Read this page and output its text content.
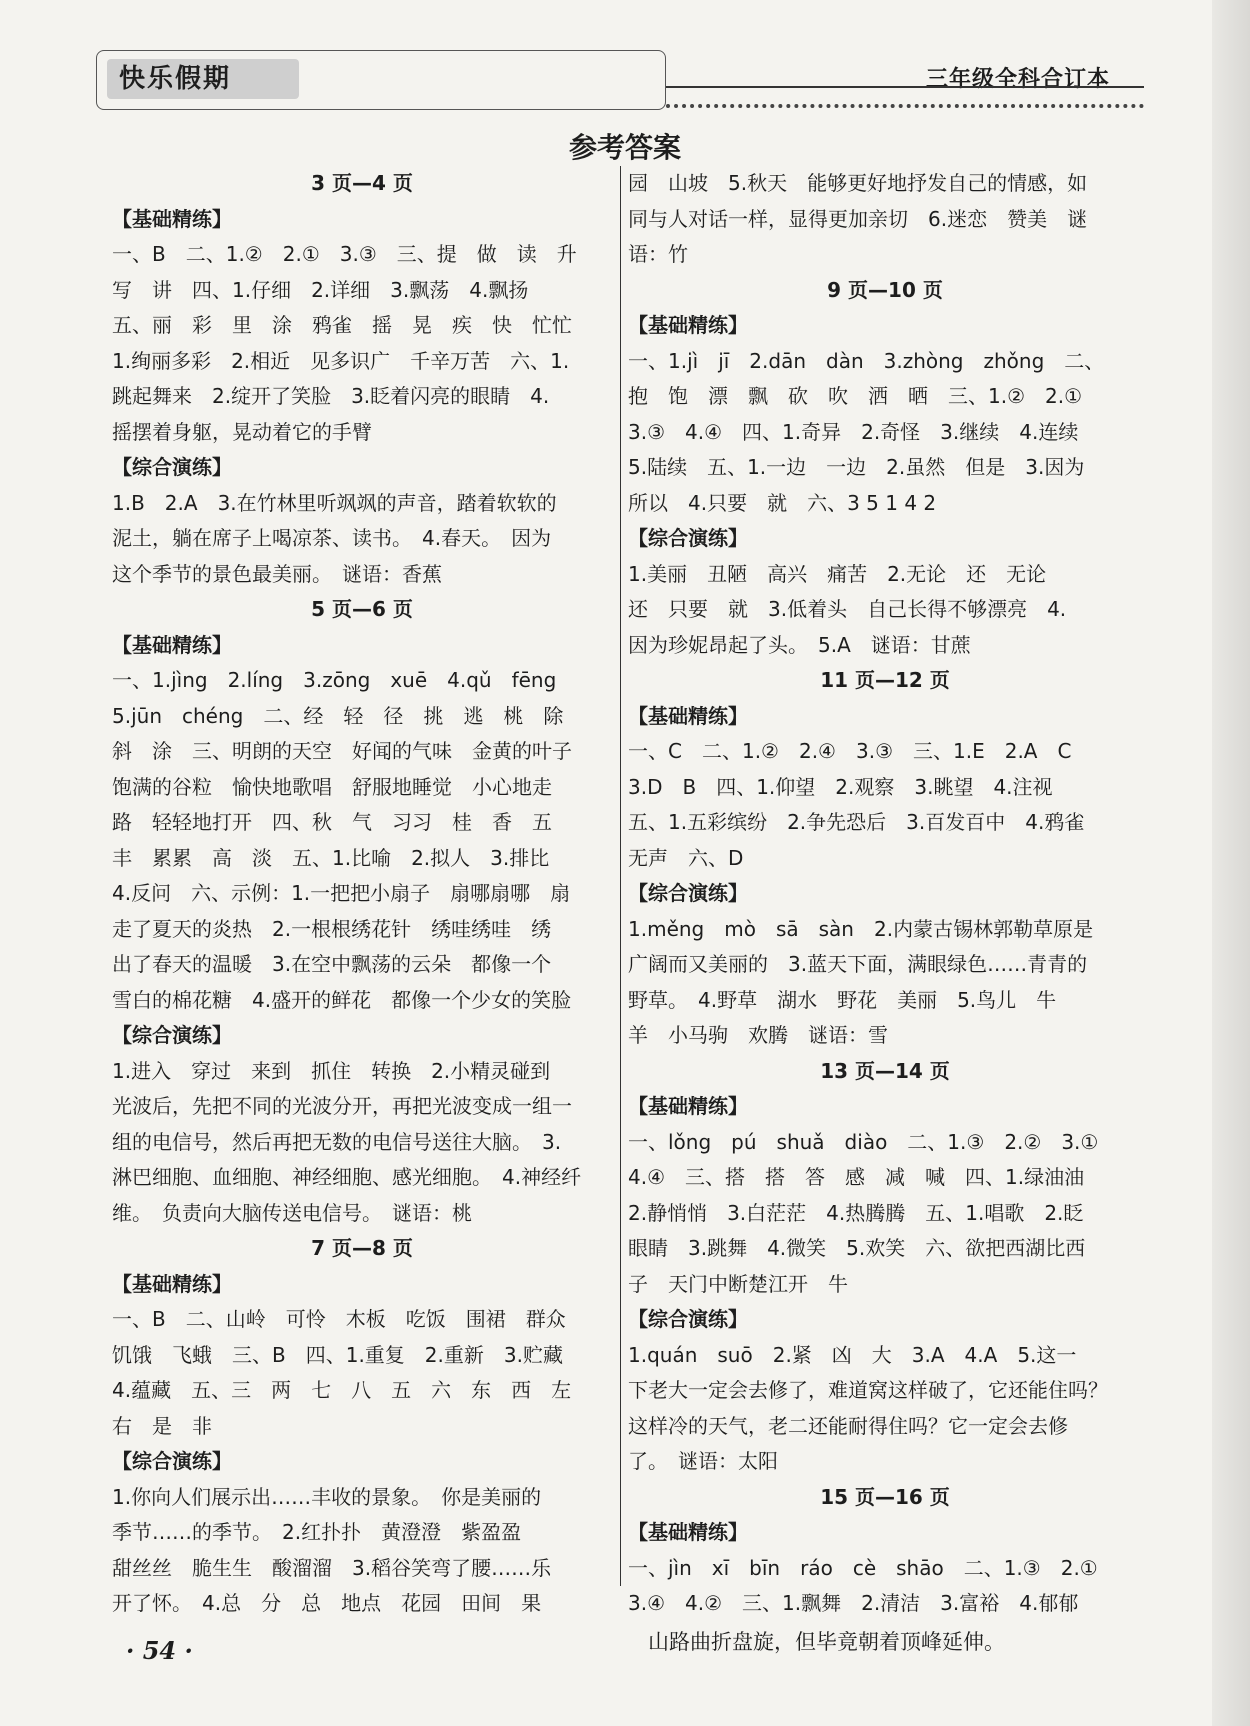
快乐假期	三年级全科合订本
参考答案
3 页—4 页
【基础精练】
一、B　二、1.②　2.①　3.③　三、提　做　读　升
写　讲　四、1.仔细　2.详细　3.飘荡　4.飘扬
五、丽　彩　里　涂　鸦雀　摇　晃　疾　快　忙忙
1.绚丽多彩　2.相近　见多识广　千辛万苦　六、1.
跳起舞来　2.绽开了笑脸　3.眨着闪亮的眼睛　4.
摇摆着身躯，晃动着它的手臂
【综合演练】
1.B　2.A　3.在竹林里听飒飒的声音，踏着软软的
泥土，躺在席子上喝凉茶、读书。　4.春天。　因为
这个季节的景色最美丽。　谜语：香蕉
5 页—6 页
【基础精练】
一、1.jìng　2.líng　3.zōng　xuē　4.qǔ　fēng
5.jūn　chéng　二、经　轻　径　挑　逃　桃　除
斜　涂　三、明朗的天空　好闻的气味　金黄的叶子
饱满的谷粒　愉快地歌唱　舒服地睡觉　小心地走
路　轻轻地打开　四、秋　气　习习　桂　香　五
丰　累累　高　淡　五、1.比喻　2.拟人　3.排比
4.反问　六、示例：1.一把把小扇子　扇哪扇哪　扇
走了夏天的炎热　2.一根根绣花针　绣哇绣哇　绣
出了春天的温暖　3.在空中飘荡的云朵　都像一个
雪白的棉花糖　4.盛开的鲜花　都像一个少女的笑脸
【综合演练】
1.进入　穿过　来到　抓住　转换　2.小精灵碰到
光波后，先把不同的光波分开，再把光波变成一组一
组的电信号，然后再把无数的电信号送往大脑。　3.
淋巴细胞、血细胞、神经细胞、感光细胞。　4.神经纤
维。　负责向大脑传送电信号。　谜语：桃
7 页—8 页
【基础精练】
一、B　二、山岭　可怜　木板　吃饭　围裙　群众
饥饿　飞蛾　三、B　四、1.重复　2.重新　3.贮藏
4.蕴藏　五、三　两　七　八　五　六　东　西　左
右　是　非
【综合演练】
1.你向人们展示出……丰收的景象。　你是美丽的
季节……的季节。　2.红扑扑　黄澄澄　紫盈盈
甜丝丝　脆生生　酸溜溜　3.稻谷笑弯了腰……乐
开了怀。　4.总　分　总　地点　花园　田间　果
园　山坡　5.秋天　能够更好地抒发自己的情感，如
同与人对话一样，显得更加亲切　6.迷恋　赞美　谜
语：竹
9 页—10 页
【基础精练】
一、1.jì　jī　2.dān　dàn　3.zhòng　zhǒng　二、
抱　饱　漂　飘　砍　吹　洒　晒　三、1.②　2.①
3.③　4.④　四、1.奇异　2.奇怪　3.继续　4.连续
5.陆续　五、1.一边　一边　2.虽然　但是　3.因为
所以　4.只要　就　六、3 5 1 4 2
【综合演练】
1.美丽　丑陋　高兴　痛苦　2.无论　还　无论
还　只要　就　3.低着头　自己长得不够漂亮　4.
因为珍妮昂起了头。　5.A　谜语：甘蔗
11 页—12 页
【基础精练】
一、C　二、1.②　2.④　3.③　三、1.E　2.A　C
3.D　B　四、1.仰望　2.观察　3.眺望　4.注视
五、1.五彩缤纷　2.争先恐后　3.百发百中　4.鸦雀
无声　六、D
【综合演练】
1.měng　mò　sā　sàn　2.内蒙古锡林郭勒草原是
广阔而又美丽的　3.蓝天下面，满眼绿色……青青的
野草。　4.野草　湖水　野花　美丽　5.鸟儿　牛
羊　小马驹　欢腾　谜语：雪
13 页—14 页
【基础精练】
一、lǒng　pú　shuǎ　diào　二、1.③　2.②　3.①
4.④　三、搭　搭　答　感　减　喊　四、1.绿油油
2.静悄悄　3.白茫茫　4.热腾腾　五、1.唱歌　2.眨
眼睛　3.跳舞　4.微笑　5.欢笑　六、欲把西湖比西
子　天门中断楚江开　牛
【综合演练】
1.quán　suō　2.紧　凶　大　3.A　4.A　5.这一
下老大一定会去修了，难道窝这样破了，它还能住吗？
这样冷的天气，老二还能耐得住吗？它一定会去修
了。　谜语：太阳
15 页—16 页
【基础精练】
一、jìn　xī　bīn　ráo　cè　shāo　二、1.③　2.①
3.④　4.②　三、1.飘舞　2.清洁　3.富裕　4.郁郁
· 54 ·	山路曲折盘旋，但毕竟朝着顶峰延伸。
